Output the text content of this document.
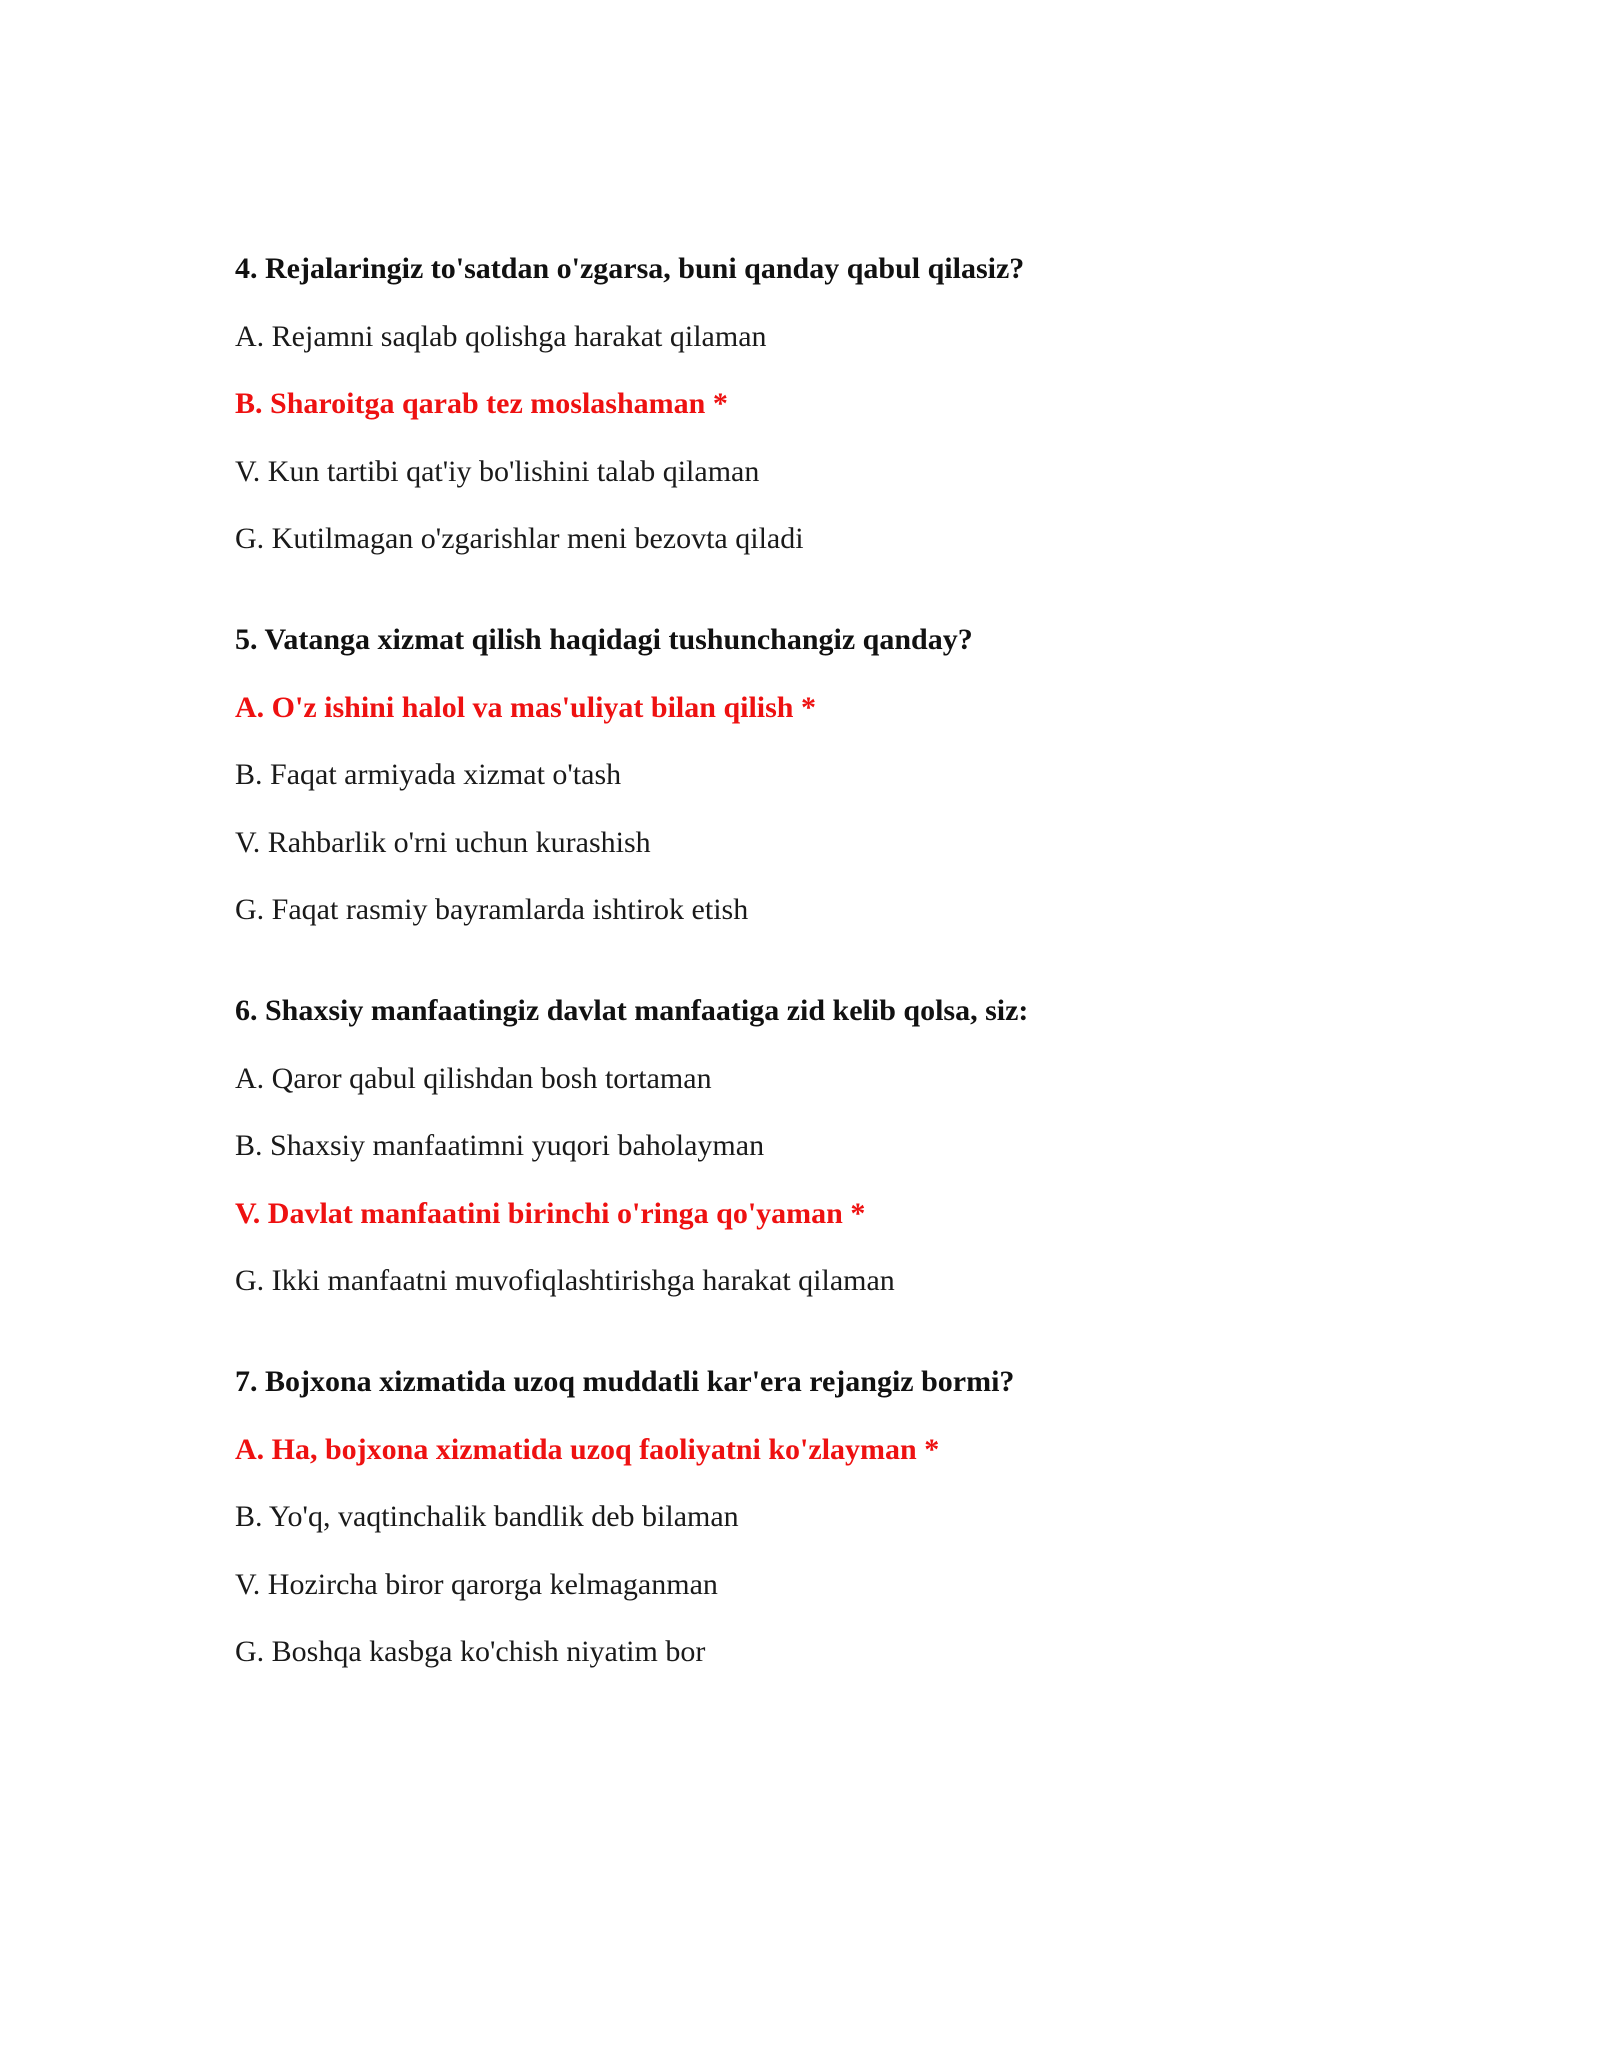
4. Rejalaringiz to'satdan o'zgarsa, buni qanday qabul qilasiz?
A. Rejamni saqlab qolishga harakat qilaman
B. Sharoitga qarab tez moslashaman *
V. Kun tartibi qat'iy bo'lishini talab qilaman
G. Kutilmagan o'zgarishlar meni bezovta qiladi
5. Vatanga xizmat qilish haqidagi tushunchangiz qanday?
A. O'z ishini halol va mas'uliyat bilan qilish *
B. Faqat armiyada xizmat o'tash
V. Rahbarlik o'rni uchun kurashish
G. Faqat rasmiy bayramlarda ishtirok etish
6. Shaxsiy manfaatingiz davlat manfaatiga zid kelib qolsa, siz:
A. Qaror qabul qilishdan bosh tortaman
B. Shaxsiy manfaatimni yuqori baholayman
V. Davlat manfaatini birinchi o'ringa qo'yaman *
G. Ikki manfaatni muvofiqlashtirishga harakat qilaman
7. Bojxona xizmatida uzoq muddatli kar'era rejangiz bormi?
A. Ha, bojxona xizmatida uzoq faoliyatni ko'zlayman *
B. Yo'q, vaqtinchalik bandlik deb bilaman
V. Hozircha biror qarorga kelmaganman
G. Boshqa kasbga ko'chish niyatim bor
